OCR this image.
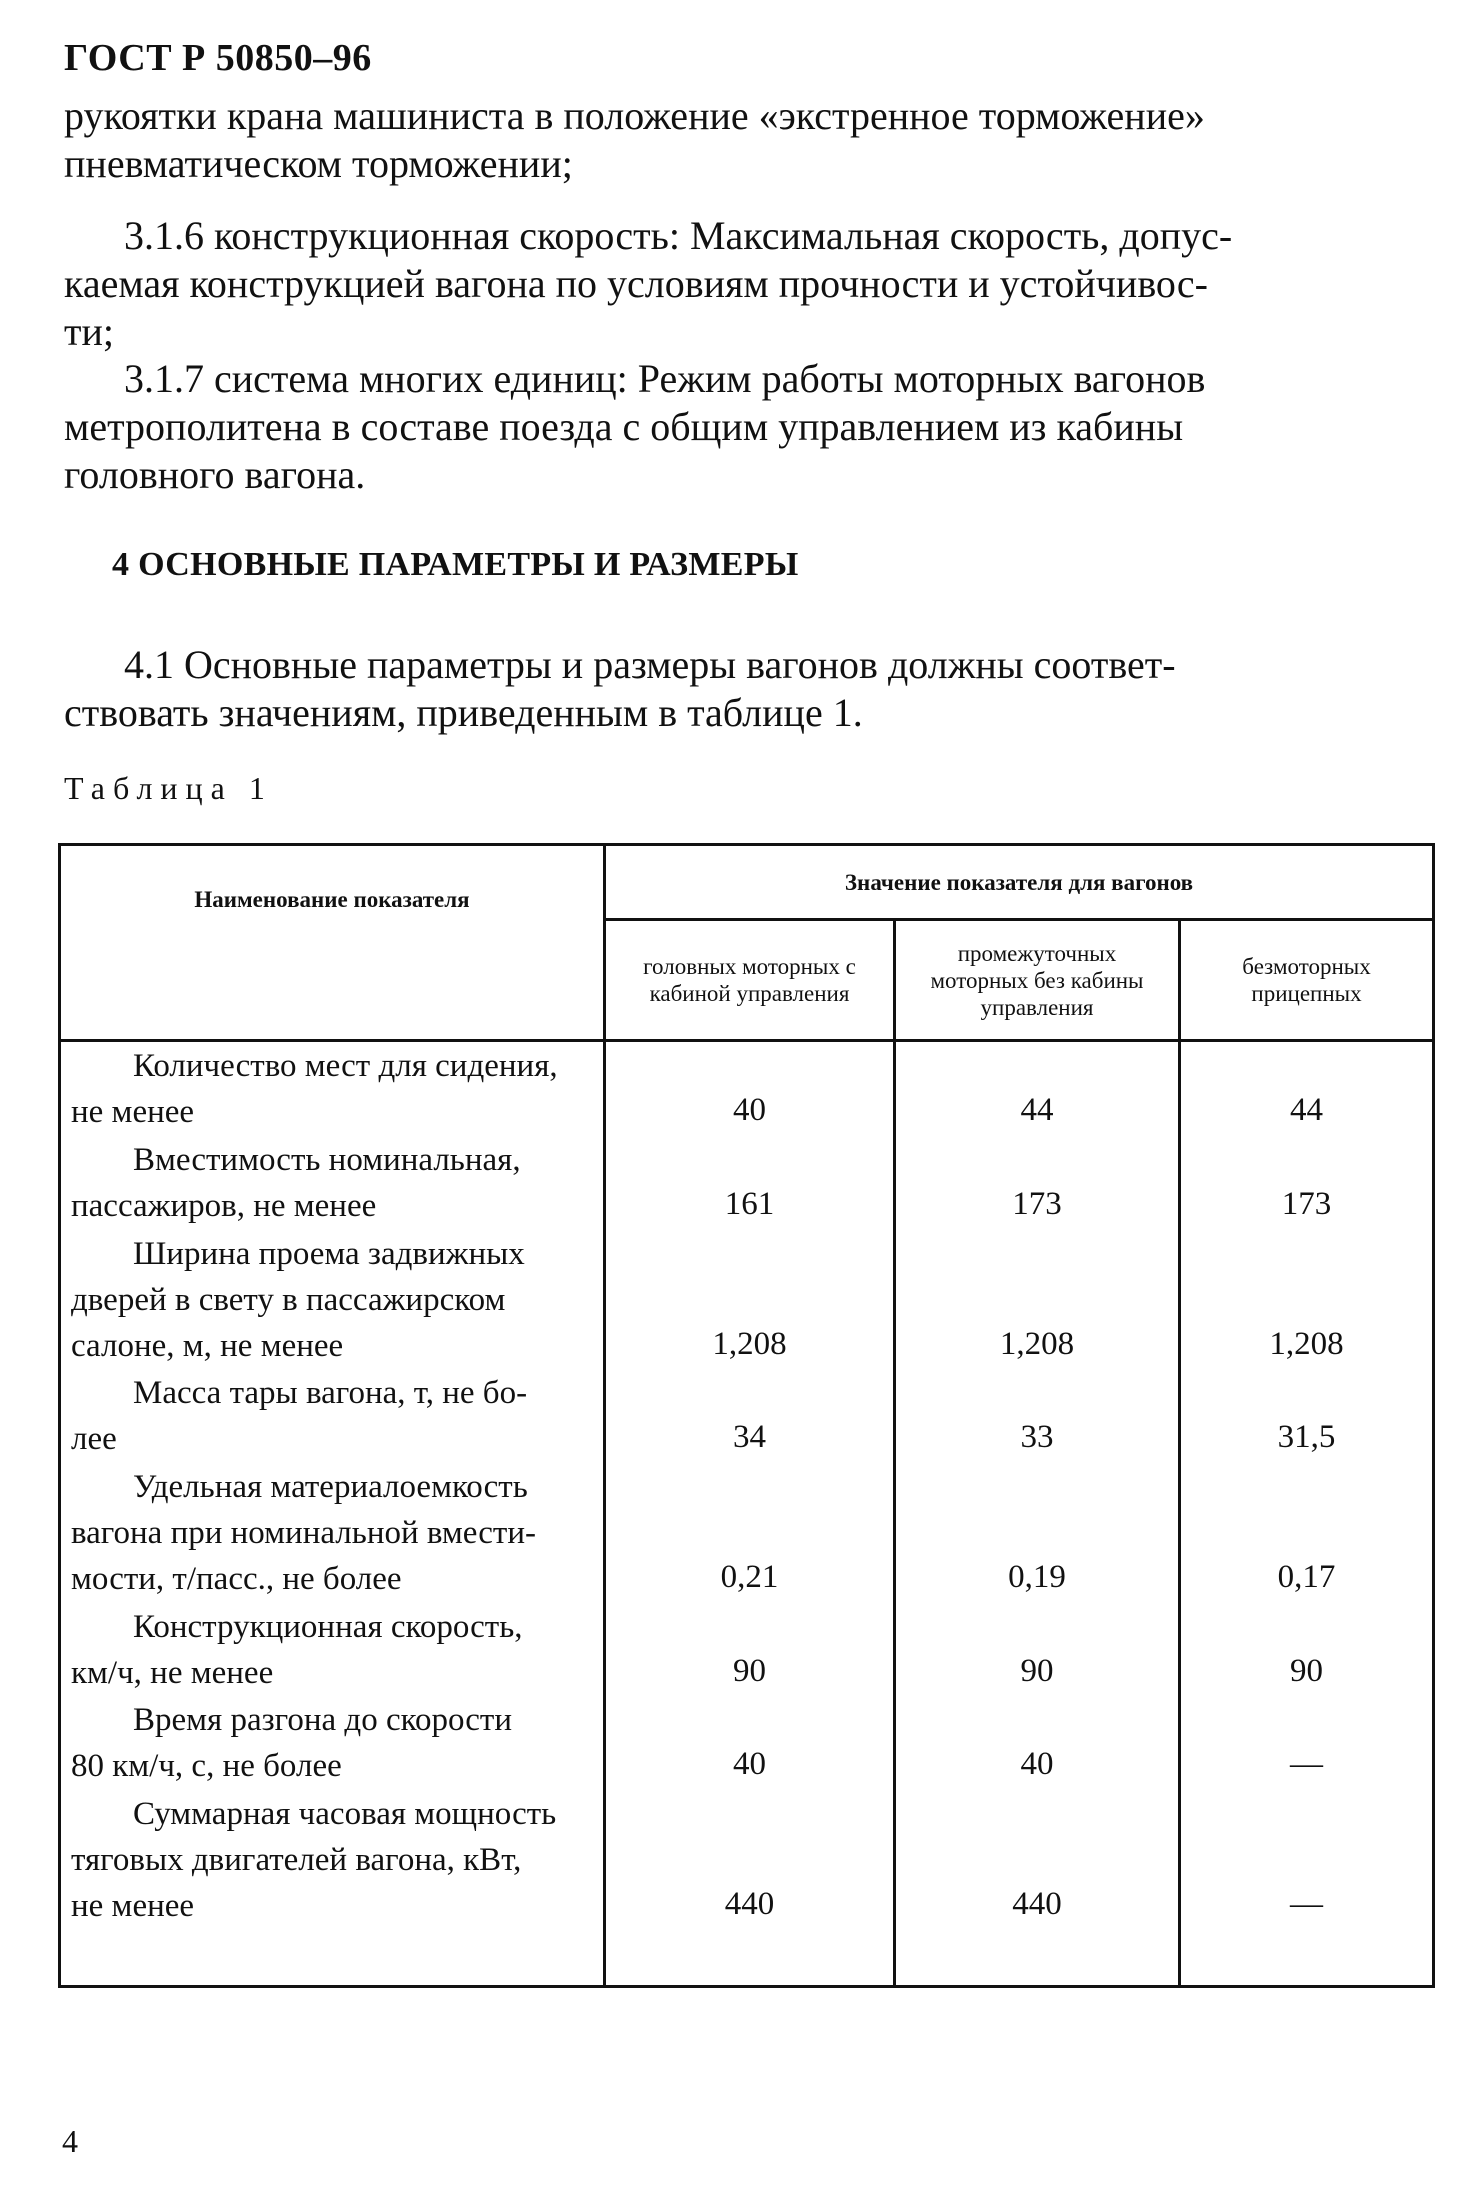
ГОСТ Р 50850–96
рукоятки крана машиниста в положение «экстренное торможение»
пневматическом торможении;
3.1.6 конструкционная скорость: Максимальная скорость, допус-
каемая конструкцией вагона по условиям прочности и устойчивос-
ти;
3.1.7 система многих единиц: Режим работы моторных вагонов
метрополитена в составе поезда с общим управлением из кабины
головного вагона.
4 ОСНОВНЫЕ ПАРАМЕТРЫ И РАЗМЕРЫ
4.1 Основные параметры и размеры вагонов должны соответ-
ствовать значениям, приведенным в таблице 1.
Таблица 1
Наименование показателя	Значение показателя для вагонов		
	головных моторных с кабиной управления	промежуточных моторных без кабины управления	безмоторных прицепных
Количество мест для сидения,
не менее	40	44	44
Вместимость номинальная,
пассажиров, не менее	161	173	173
Ширина проема задвижных
дверей в свету в пассажирском
салоне, м, не менее	1,208	1,208	1,208
Масса тары вагона, т, не бо-
лее	34	33	31,5
Удельная материалоемкость
вагона при номинальной вмести-
мости, т/пасс., не более	0,21	0,19	0,17
Конструкционная скорость,
км/ч, не менее	90	90	90
Время разгона до скорости
80 км/ч, с, не более	40	40	—
Суммарная часовая мощность
тяговых двигателей вагона, кВт,
не менее	440	440	—

4
